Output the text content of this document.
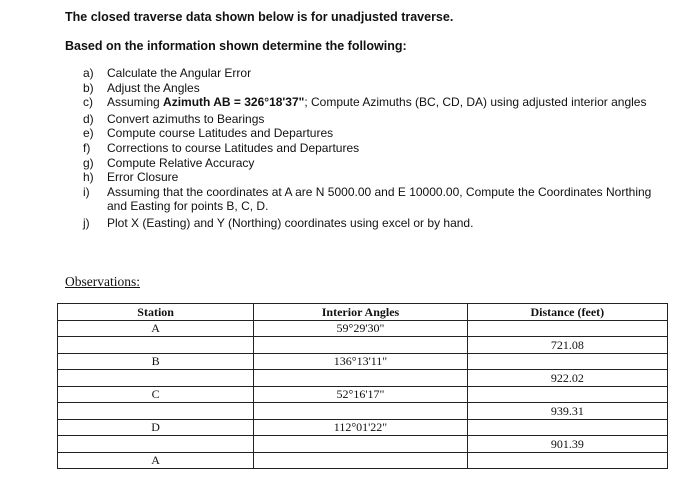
The closed traverse data shown below is for unadjusted traverse.
Based on the information shown determine the following:
a) Calculate the Angular Error
b) Adjust the Angles
c) Assuming Azimuth AB = 326°18'37"; Compute Azimuths (BC, CD, DA) using adjusted interior angles
d) Convert azimuths to Bearings
e) Compute course Latitudes and Departures
f) Corrections to course Latitudes and Departures
g) Compute Relative Accuracy
h) Error Closure
i) Assuming that the coordinates at A are N 5000.00 and E 10000.00, Compute the Coordinates Northing and Easting for points B, C, D.
j) Plot X (Easting) and Y (Northing) coordinates using excel or by hand.
Observations:
Station	Interior Angles	Distance (feet)
A	59°29'30"	
		721.08
B	136°13'11"	
		922.02
C	52°16'17"	
		939.31
D	112°01'22"	
		901.39
A		
